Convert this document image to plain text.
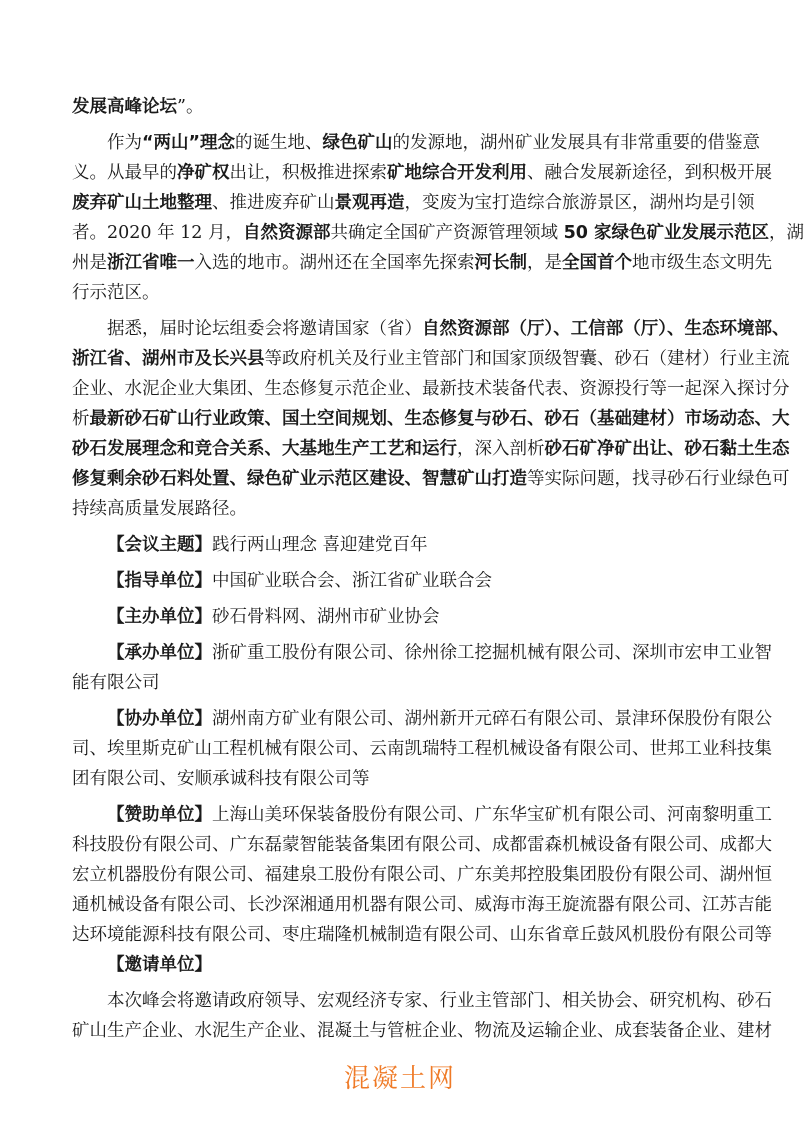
发展高峰论坛”。

作为“两山”理念的诞生地、绿色矿山的发源地，湖州矿业发展具有非常重要的借鉴意

义。从最早的净矿权出让，积极推进探索矿地综合开发利用、融合发展新途径，到积极开展

废弃矿山土地整理、推进废弃矿山景观再造，变废为宝打造综合旅游景区，湖州均是引领

者。2020 年 12 月，自然资源部共确定全国矿产资源管理领域 50 家绿色矿业发展示范区，湖

州是浙江省唯一入选的地市。湖州还在全国率先探索河长制，是全国首个地市级生态文明先

行示范区。

据悉，届时论坛组委会将邀请国家（省）自然资源部（厅）、工信部（厅）、生态环境部、

浙江省、湖州市及长兴县等政府机关及行业主管部门和国家顶级智囊、砂石（建材）行业主流

企业、水泥企业大集团、生态修复示范企业、最新技术装备代表、资源投行等一起深入探讨分

析最新砂石矿山行业政策、国土空间规划、生态修复与砂石、砂石（基础建材）市场动态、大

砂石发展理念和竞合关系、大基地生产工艺和运行，深入剖析砂石矿净矿出让、砂石黏土生态

修复剩余砂石料处置、绿色矿业示范区建设、智慧矿山打造等实际问题，找寻砂石行业绿色可

持续高质量发展路径。

【会议主题】践行两山理念 喜迎建党百年

【指导单位】中国矿业联合会、浙江省矿业联合会

【主办单位】砂石骨料网、湖州市矿业协会

【承办单位】浙矿重工股份有限公司、徐州徐工挖掘机械有限公司、深圳市宏申工业智

能有限公司

【协办单位】湖州南方矿业有限公司、湖州新开元碎石有限公司、景津环保股份有限公

司、埃里斯克矿山工程机械有限公司、云南凯瑞特工程机械设备有限公司、世邦工业科技集

团有限公司、安顺承诚科技有限公司等

【赞助单位】上海山美环保装备股份有限公司、广东华宝矿机有限公司、河南黎明重工

科技股份有限公司、广东磊蒙智能装备集团有限公司、成都雷森机械设备有限公司、成都大

宏立机器股份有限公司、福建泉工股份有限公司、广东美邦控股集团股份有限公司、湖州恒

通机械设备有限公司、长沙深湘通用机器有限公司、威海市海王旋流器有限公司、江苏吉能

达环境能源科技有限公司、枣庄瑞隆机械制造有限公司、山东省章丘鼓风机股份有限公司等

【邀请单位】

本次峰会将邀请政府领导、宏观经济专家、行业主管部门、相关协会、研究机构、砂石

矿山生产企业、水泥生产企业、混凝土与管桩企业、物流及运输企业、成套装备企业、建材

混凝土网
